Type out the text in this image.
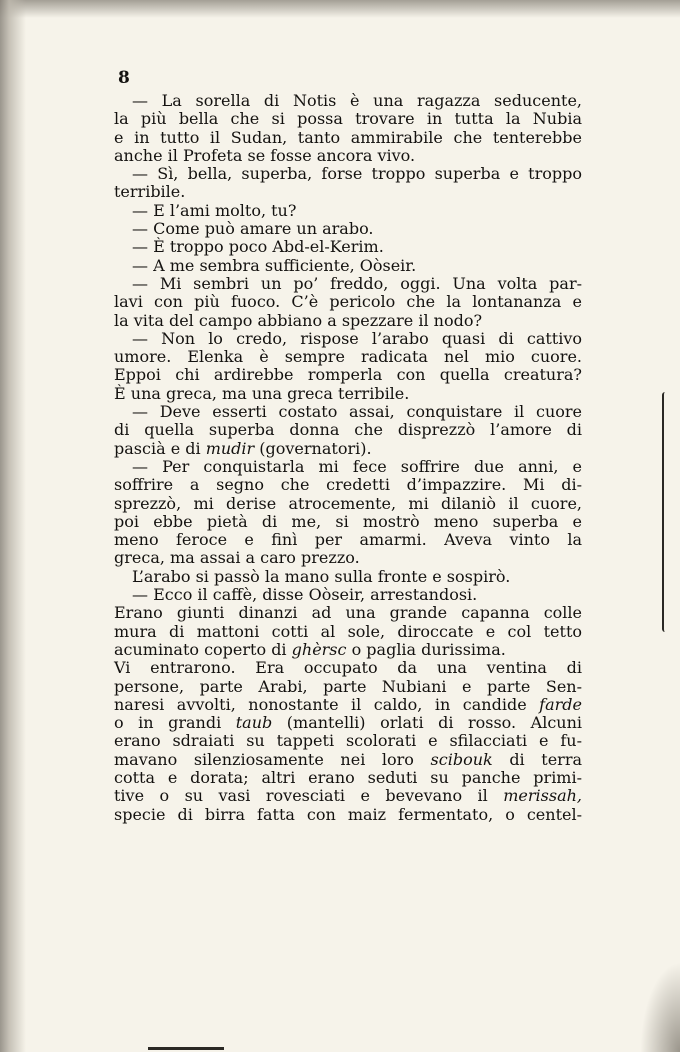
8
— La sorella di Notis è una ragazza seducente,
la più bella che si possa trovare in tutta la Nubia
e in tutto il Sudan, tanto ammirabile che tenterebbe
anche il Profeta se fosse ancora vivo.
— Sì, bella, superba, forse troppo superba e troppo
terribile.
— E l’ami molto, tu?
— Come può amare un arabo.
— È troppo poco Abd-el-Kerim.
— A me sembra sufficiente, Oòseir.
— Mi sembri un po’ freddo, oggi. Una volta par-
lavi con più fuoco. C’è pericolo che la lontananza e
la vita del campo abbiano a spezzare il nodo?
— Non lo credo, rispose l’arabo quasi di cattivo
umore. Elenka è sempre radicata nel mio cuore.
Eppoi chi ardirebbe romperla con quella creatura?
È una greca, ma una greca terribile.
— Deve esserti costato assai, conquistare il cuore
di quella superba donna che disprezzò l’amore di
pascià e di mudir (governatori).
— Per conquistarla mi fece soffrire due anni, e
soffrire a segno che credetti d’impazzire. Mi di-
sprezzò, mi derise atrocemente, mi dilaniò il cuore,
poi ebbe pietà di me, si mostrò meno superba e
meno feroce e finì per amarmi. Aveva vinto la
greca, ma assai a caro prezzo.
L’arabo si passò la mano sulla fronte e sospirò.
— Ecco il caffè, disse Oòseir, arrestandosi.
Erano giunti dinanzi ad una grande capanna colle
mura di mattoni cotti al sole, diroccate e col tetto
acuminato coperto di ghèrsc o paglia durissima.
Vi entrarono. Era occupato da una ventina di
persone, parte Arabi, parte Nubiani e parte Sen-
naresi avvolti, nonostante il caldo, in candide farde
o in grandi taub (mantelli) orlati di rosso. Alcuni
erano sdraiati su tappeti scolorati e sfilacciati e fu-
mavano silenziosamente nei loro scibouk di terra
cotta e dorata; altri erano seduti su panche primi-
tive o su vasi rovesciati e bevevano il merissah,
specie di birra fatta con maiz fermentato, o centel-
